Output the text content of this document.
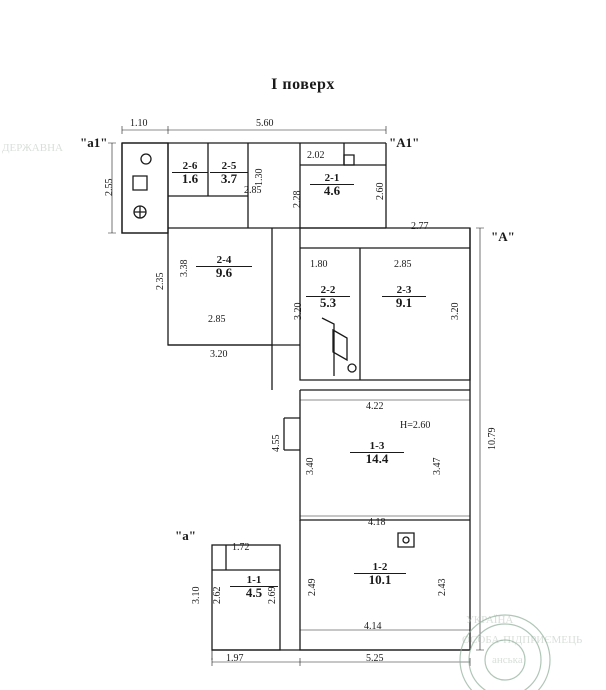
I поверх
"а1"	"А1"
"А"
"а"
2-6
1.6
2-5
3.7	2-1
4.6
2-4
9.6
2-2
5.3
2-3
9.1
1-3
14.4
1-1
4.5
1-2
10.1
1.10	5.60
2.02
2.85
2.77
1.80	2.85
2.85
3.20
4.22
H=2.60
4.18
1.72
4.14
1.97	5.25
2.55
1.30
2.28	2.60
3.38
2.35
3.20	3.20
4.55
3.40	3.47
10.79
3.10 2.62	2.69	2.49	2.43
ДЕРЖАВНА
УКРАЇНА
ОСОБА-ПІДПРИЄМЕЦЬ
анська
